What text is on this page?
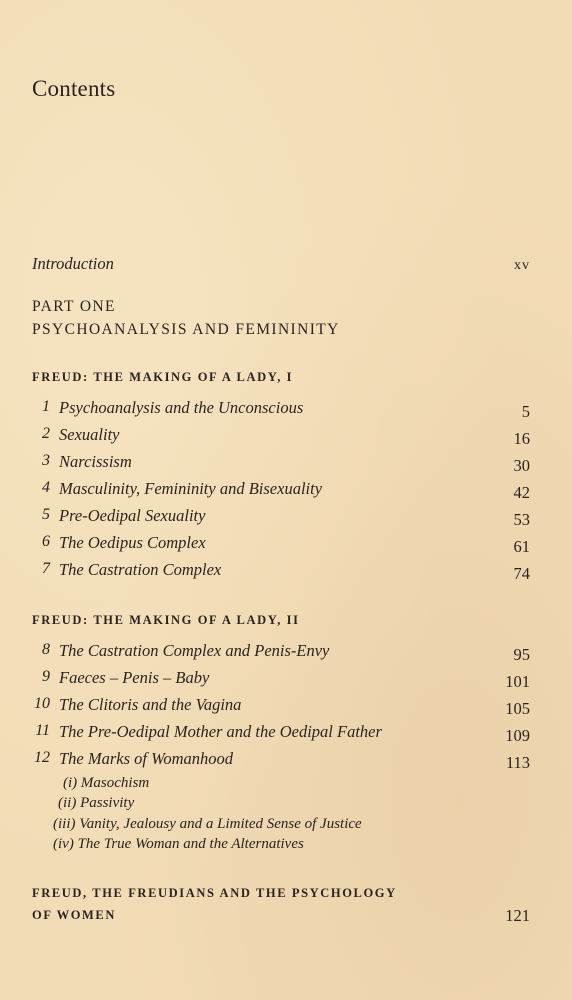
Contents
Introduction	xv
PART ONE
PSYCHOANALYSIS AND FEMININITY
FREUD: THE MAKING OF A LADY, I
1 Psychoanalysis and the Unconscious	5
2 Sexuality	16
3 Narcissism	30
4 Masculinity, Femininity and Bisexuality	42
5 Pre-Oedipal Sexuality	53
6 The Oedipus Complex	61
7 The Castration Complex	74
FREUD: THE MAKING OF A LADY, II
8 The Castration Complex and Penis-Envy	95
9 Faeces – Penis – Baby	101
10 The Clitoris and the Vagina	105
11 The Pre-Oedipal Mother and the Oedipal Father	109
12 The Marks of Womanhood	113
(i) Masochism
(ii) Passivity
(iii) Vanity, Jealousy and a Limited Sense of Justice
(iv) The True Woman and the Alternatives
FREUD, THE FREUDIANS AND THE PSYCHOLOGY
OF WOMEN	121
